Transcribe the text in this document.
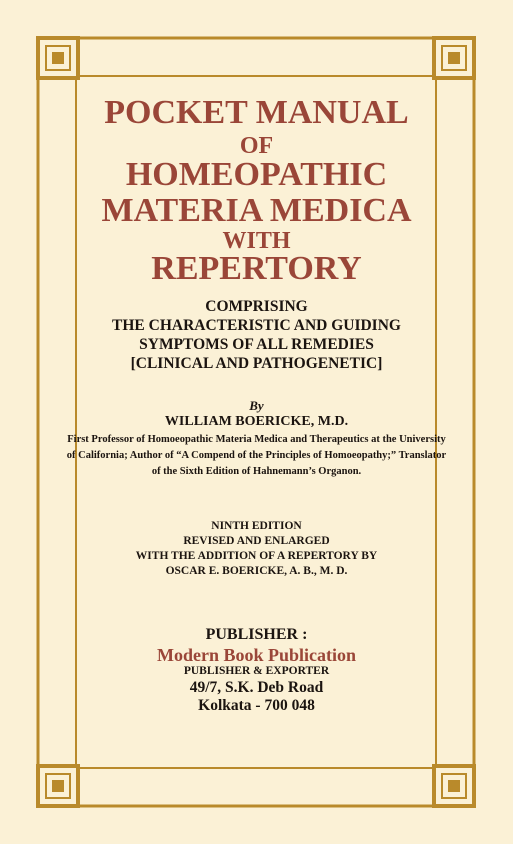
POCKET MANUAL
OF
HOMEOPATHIC
MATERIA MEDICA
WITH
REPERTORY
COMPRISING
THE CHARACTERISTIC AND GUIDING
SYMPTOMS OF ALL REMEDIES
[CLINICAL AND PATHOGENETIC]
By
WILLIAM BOERICKE, M.D.
First Professor of Homoeopathic Materia Medica and Therapeutics at the University of California; Author of “A Compend of the Principles of Homoeopathy;” Translator of the Sixth Edition of Hahnemann’s Organon.
NINTH EDITION
REVISED AND ENLARGED
WITH THE ADDITION OF A REPERTORY BY
OSCAR E. BOERICKE, A. B., M. D.
PUBLISHER :
Modern Book Publication
PUBLISHER & EXPORTER
49/7, S.K. Deb Road
Kolkata - 700 048
